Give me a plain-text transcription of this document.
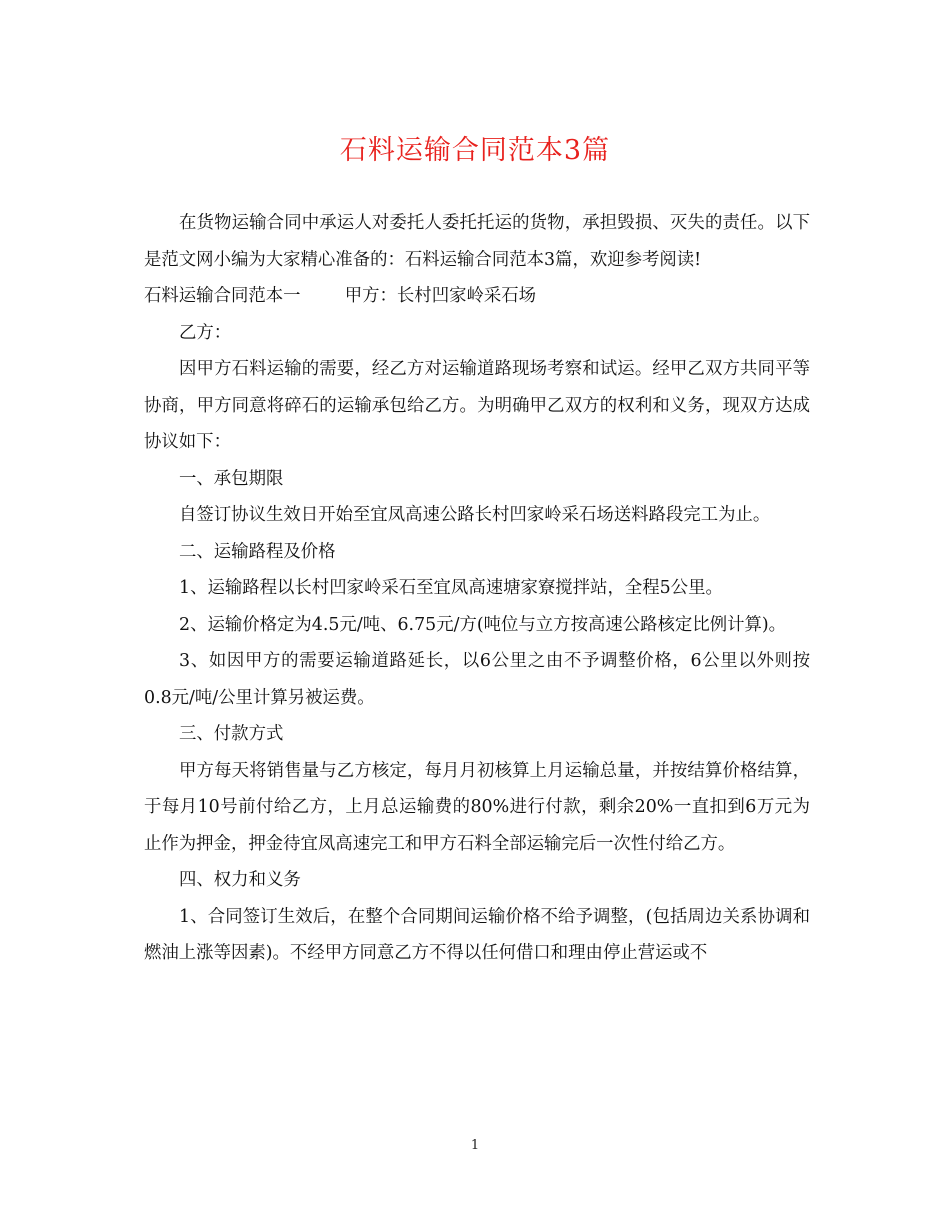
石料运输合同范本3篇

在货物运输合同中承运人对委托人委托托运的货物，承担毁损、灭失的责任。以下是范文网小编为大家精心准备的：石料运输合同范本3篇，欢迎参考阅读!

石料运输合同范本一        甲方：长村凹家岭采石场

乙方：

因甲方石料运输的需要，经乙方对运输道路现场考察和试运。经甲乙双方共同平等协商，甲方同意将碎石的运输承包给乙方。为明确甲乙双方的权利和义务，现双方达成协议如下：

一、承包期限

自签订协议生效日开始至宜凤高速公路长村凹家岭采石场送料路段完工为止。

二、运输路程及价格

1、运输路程以长村凹家岭采石至宜凤高速塘家寮搅拌站，全程5公里。

2、运输价格定为4.5元/吨、6.75元/方(吨位与立方按高速公路核定比例计算)。

3、如因甲方的需要运输道路延长，以6公里之由不予调整价格，6公里以外则按0.8元/吨/公里计算另被运费。

三、付款方式

甲方每天将销售量与乙方核定，每月月初核算上月运输总量，并按结算价格结算，于每月10号前付给乙方，上月总运输费的80%进行付款，剩余20%一直扣到6万元为止作为押金，押金待宜凤高速完工和甲方石料全部运输完后一次性付给乙方。

四、权力和义务

1、合同签订生效后，在整个合同期间运输价格不给予调整，(包括周边关系协调和燃油上涨等因素)。不经甲方同意乙方不得以任何借口和理由停止营运或不

1
